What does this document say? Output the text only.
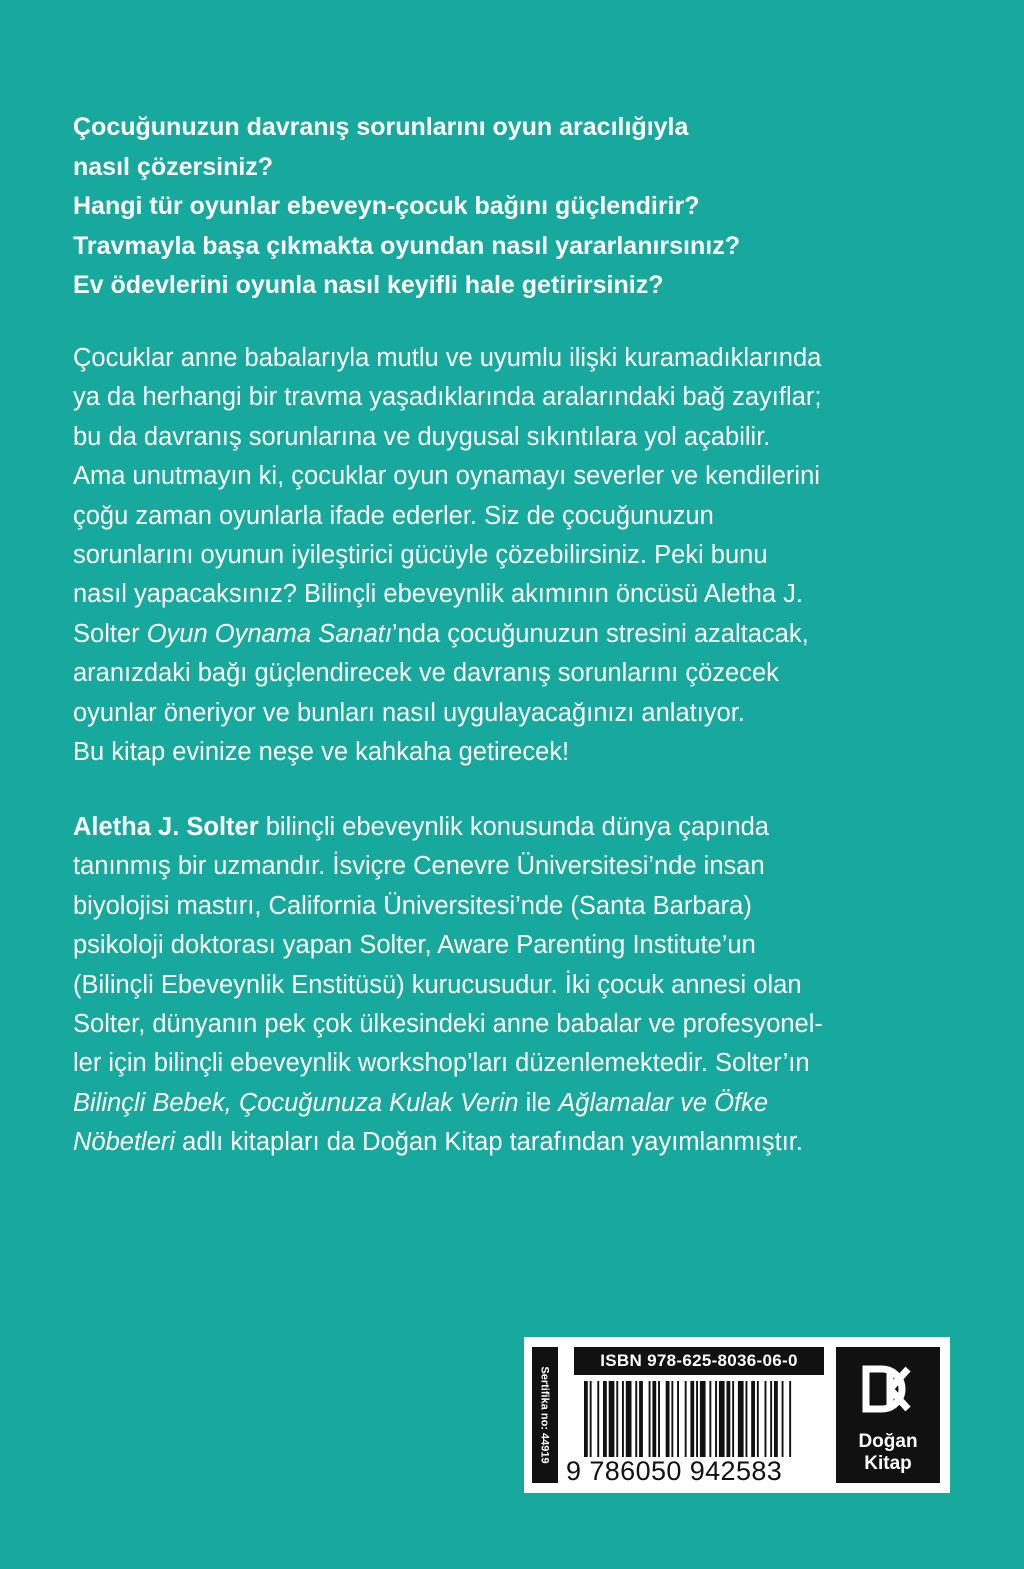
Çocuğunuzun davranış sorunlarını oyun aracılığıyla
nasıl çözersiniz?
Hangi tür oyunlar ebeveyn-çocuk bağını güçlendirir?
Travmayla başa çıkmakta oyundan nasıl yararlanırsınız?
Ev ödevlerini oyunla nasıl keyifli hale getirirsiniz?
Çocuklar anne babalarıyla mutlu ve uyumlu ilişki kuramadıklarında
ya da herhangi bir travma yaşadıklarında aralarındaki bağ zayıflar;
bu da davranış sorunlarına ve duygusal sıkıntılara yol açabilir.
Ama unutmayın ki, çocuklar oyun oynamayı severler ve kendilerini
çoğu zaman oyunlarla ifade ederler. Siz de çocuğunuzun
sorunlarını oyunun iyileştirici gücüyle çözebilirsiniz. Peki bunu
nasıl yapacaksınız? Bilinçli ebeveynlik akımının öncüsü Aletha J.
Solter Oyun Oynama Sanatı’nda çocuğunuzun stresini azaltacak,
aranızdaki bağı güçlendirecek ve davranış sorunlarını çözecek
oyunlar öneriyor ve bunları nasıl uygulayacağınızı anlatıyor.
Bu kitap evinize neşe ve kahkaha getirecek!
Aletha J. Solter bilinçli ebeveynlik konusunda dünya çapında
tanınmış bir uzmandır. İsviçre Cenevre Üniversitesi’nde insan
biyolojisi mastırı, California Üniversitesi’nde (Santa Barbara)
psikoloji doktorası yapan Solter, Aware Parenting Institute’un
(Bilinçli Ebeveynlik Enstitüsü) kurucusudur. İki çocuk annesi olan
Solter, dünyanın pek çok ülkesindeki anne babalar ve profesyonel-
ler için bilinçli ebeveynlik workshop’ları düzenlemektedir. Solter’ın
Bilinçli Bebek, Çocuğunuza Kulak Verin ile Ağlamalar ve Öfke
Nöbetleri adlı kitapları da Doğan Kitap tarafından yayımlanmıştır.
Sertifika no: 44919
ISBN 978-625-8036-06-0
9 786050 942583
Doğan
Kitap
